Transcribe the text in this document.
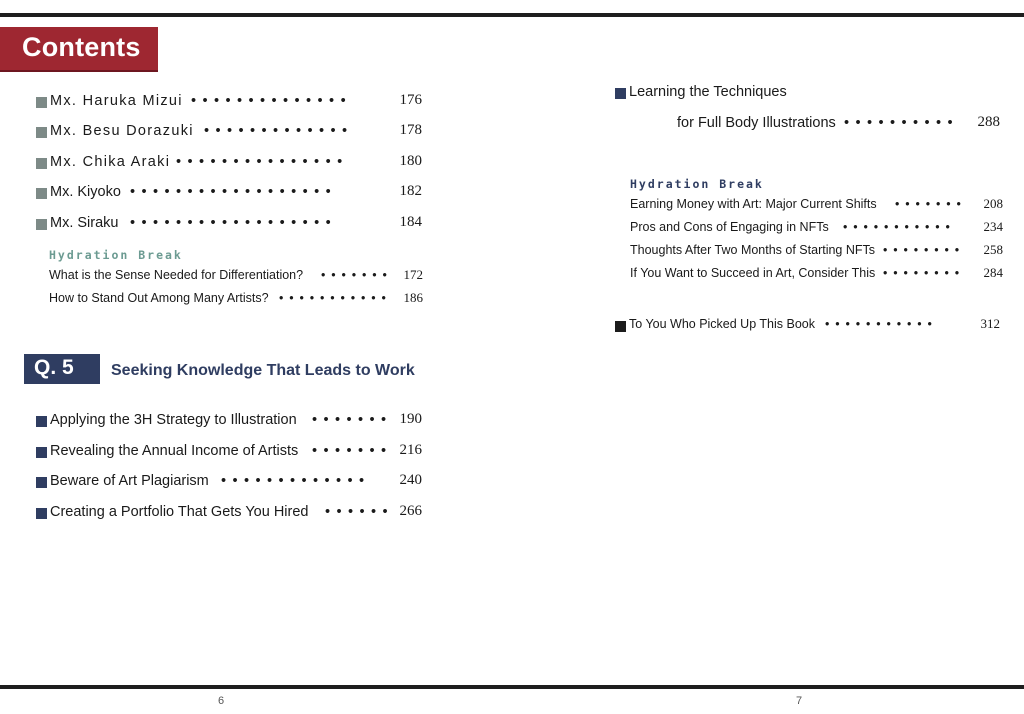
Contents
Mx. Haruka Mizui • • • • • • • • • • • • • •	176
Mx. Besu Dorazuki • • • • • • • • • • • • •	178
Mx. Chika Araki • • • • • • • • • • • • • • •	180
Mx. Kiyoko • • • • • • • • • • • • • • • • • •	182
Mx. Siraku • • • • • • • • • • • • • • • • • •	184
Hydration Break
What is the Sense Needed for Differentiation? • • • • • • •	172
How to Stand Out Among Many Artists? • • • • • • • • • • •	186
Q. 5 Seeking Knowledge That Leads to Work
Applying the 3H Strategy to Illustration • • • • • • • 190
Revealing the Annual Income of Artists • • • • • • • 216
Beware of Art Plagiarism • • • • • • • • • • • • •	240
Creating a Portfolio That Gets You Hired • • • • • • 266
Learning the Techniques
for Full Body Illustrations • • • • • • • • • •	288
Hydration Break
Earning Money with Art: Major Current Shifts • • • • • • •	208
Pros and Cons of Engaging in NFTs • • • • • • • • • • •	234
Thoughts After Two Months of Starting NFTs • • • • • • • •	258
If You Want to Succeed in Art, Consider This • • • • • • • •	284
To You Who Picked Up This Book • • • • • • • • • • •	312
6	7
